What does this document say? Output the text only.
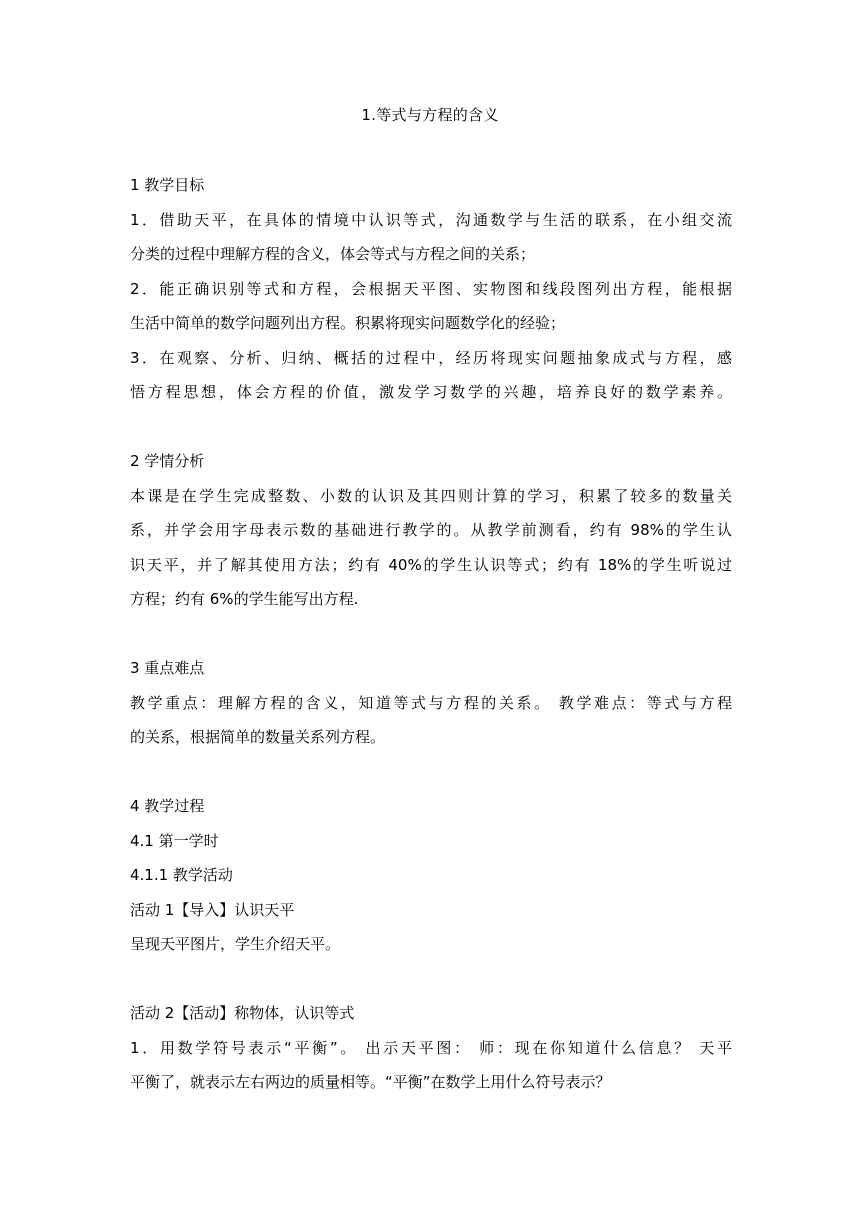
1.等式与方程的含义
1 教学目标
1．借助天平，在具体的情境中认识等式，沟通数学与生活的联系，在小组交流
分类的过程中理解方程的含义，体会等式与方程之间的关系；
2．能正确识别等式和方程，会根据天平图、实物图和线段图列出方程，能根据
生活中简单的数学问题列出方程。积累将现实问题数学化的经验；
3．在观察、分析、归纳、概括的过程中，经历将现实问题抽象成式与方程，感
悟方程思想，体会方程的价值，激发学习数学的兴趣，培养良好的数学素养。
2 学情分析
本课是在学生完成整数、小数的认识及其四则计算的学习，积累了较多的数量关
系，并学会用字母表示数的基础进行教学的。从教学前测看，约有 98%的学生认
识天平，并了解其使用方法；约有 40%的学生认识等式；约有 18%的学生听说过
方程；约有 6%的学生能写出方程.
3 重点难点
教学重点：理解方程的含义，知道等式与方程的关系。 教学难点：等式与方程
的关系，根据简单的数量关系列方程。
4 教学过程
4.1 第一学时
4.1.1 教学活动
活动 1【导入】认识天平
呈现天平图片，学生介绍天平。
活动 2【活动】称物体，认识等式
1．用数学符号表示“平衡”。 出示天平图： 师：现在你知道什么信息？ 天平
平衡了，就表示左右两边的质量相等。“平衡”在数学上用什么符号表示？
